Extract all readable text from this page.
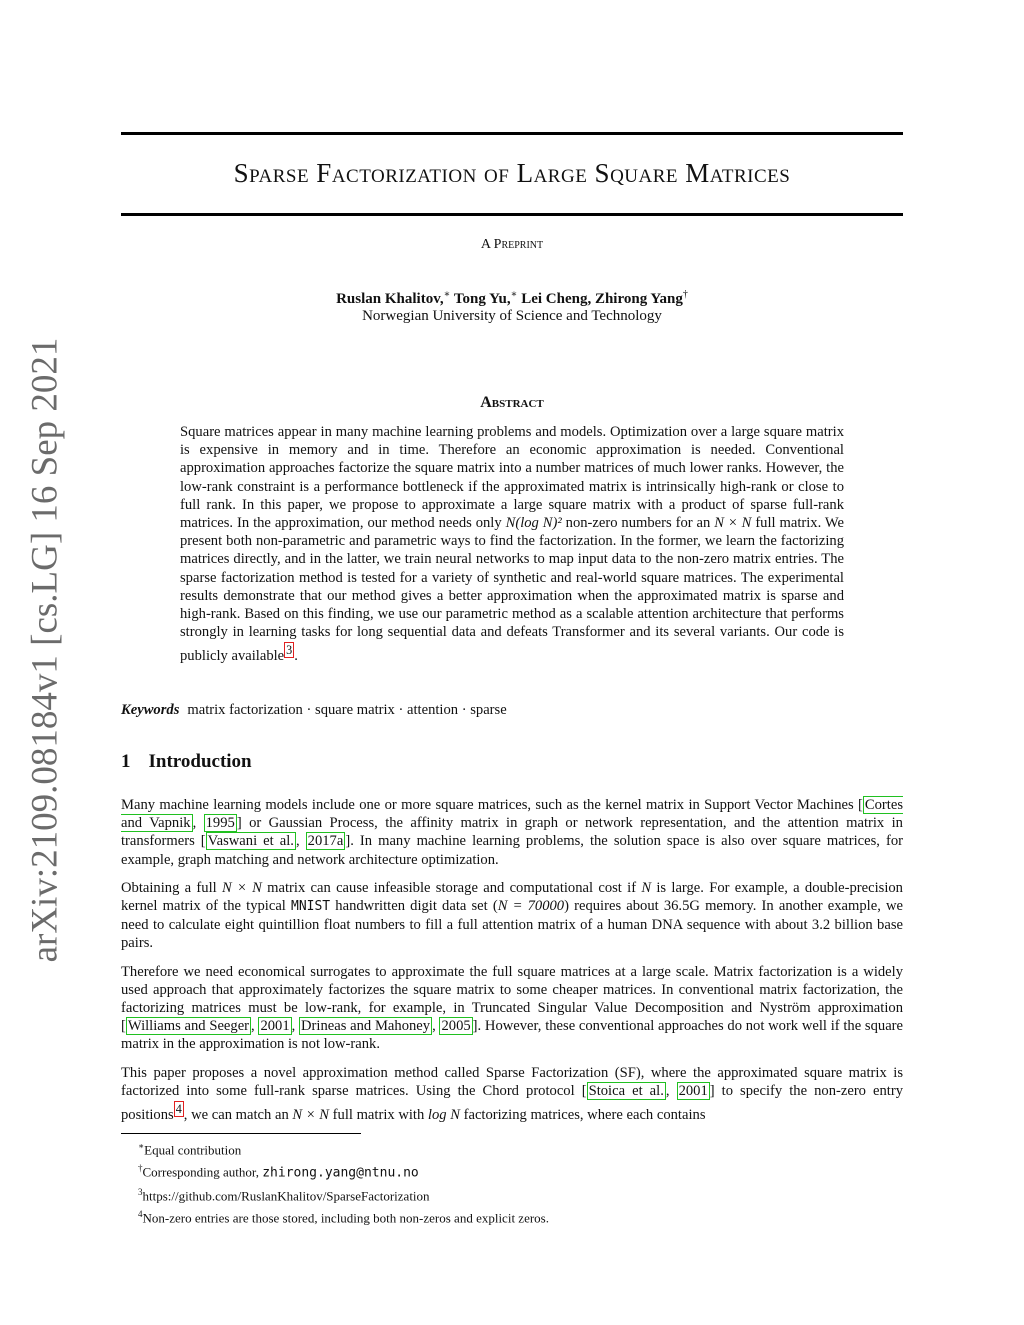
arXiv:2109.08184v1 [cs.LG] 16 Sep 2021
Sparse Factorization of Large Square Matrices
A Preprint
Ruslan Khalitov,∗ Tong Yu,∗ Lei Cheng, Zhirong Yang†
Norwegian University of Science and Technology
Abstract
Square matrices appear in many machine learning problems and models. Optimization over a large square matrix is expensive in memory and in time. Therefore an economic approximation is needed. Conventional approximation approaches factorize the square matrix into a number matrices of much lower ranks. However, the low-rank constraint is a performance bottleneck if the approximated matrix is intrinsically high-rank or close to full rank. In this paper, we propose to approximate a large square matrix with a product of sparse full-rank matrices. In the approximation, our method needs only N(log N)² non-zero numbers for an N × N full matrix. We present both non-parametric and parametric ways to find the factorization. In the former, we learn the factorizing matrices directly, and in the latter, we train neural networks to map input data to the non-zero matrix entries. The sparse factorization method is tested for a variety of synthetic and real-world square matrices. The experimental results demonstrate that our method gives a better approximation when the approximated matrix is sparse and high-rank. Based on this finding, we use our parametric method as a scalable attention architecture that performs strongly in learning tasks for long sequential data and defeats Transformer and its several variants. Our code is publicly available $^3$ .
Keywords matrix factorization · square matrix · attention · sparse
1 Introduction

Many machine learning models include one or more square matrices, such as the kernel matrix in Support Vector Machines [ Cortes and Vapnik , 1995 ] or Gaussian Process, the affinity matrix in graph or network representation, and the attention matrix in transformers [ Vaswani et al. , 2017a ]. In many machine learning problems, the solution space is also over square matrices, for example, graph matching and network architecture optimization.

Obtaining a full N × N matrix can cause infeasible storage and computational cost if N is large. For example, a double-precision kernel matrix of the typical MNIST handwritten digit data set (N = 70000) requires about 36.5G memory. In another example, we need to calculate eight quintillion float numbers to fill a full attention matrix of a human DNA sequence with about 3.2 billion base pairs.

Therefore we need economical surrogates to approximate the full square matrices at a large scale. Matrix factorization is a widely used approach that approximately factorizes the square matrix to some cheaper matrices. In conventional matrix factorization, the factorizing matrices must be low-rank, for example, in Truncated Singular Value Decomposition and Nyström approximation [ Williams and Seeger , 2001 , Drineas and Mahoney , 2005 ]. However, these conventional approaches do not work well if the square matrix in the approximation is not low-rank.

This paper proposes a novel approximation method called Sparse Factorization (SF), where the approximated square matrix is factorized into some full-rank sparse matrices. Using the Chord protocol [ Stoica et al. , 2001 ] to specify the non-zero entry positions $^4$ , we can match an N × N full matrix with log N factorizing matrices, where each contains

∗Equal contribution
†Corresponding author, zhirong.yang@ntnu.no
$^3$https://github.com/RuslanKhalitov/SparseFactorization
$^4$Non-zero entries are those stored, including both non-zeros and explicit zeros.
